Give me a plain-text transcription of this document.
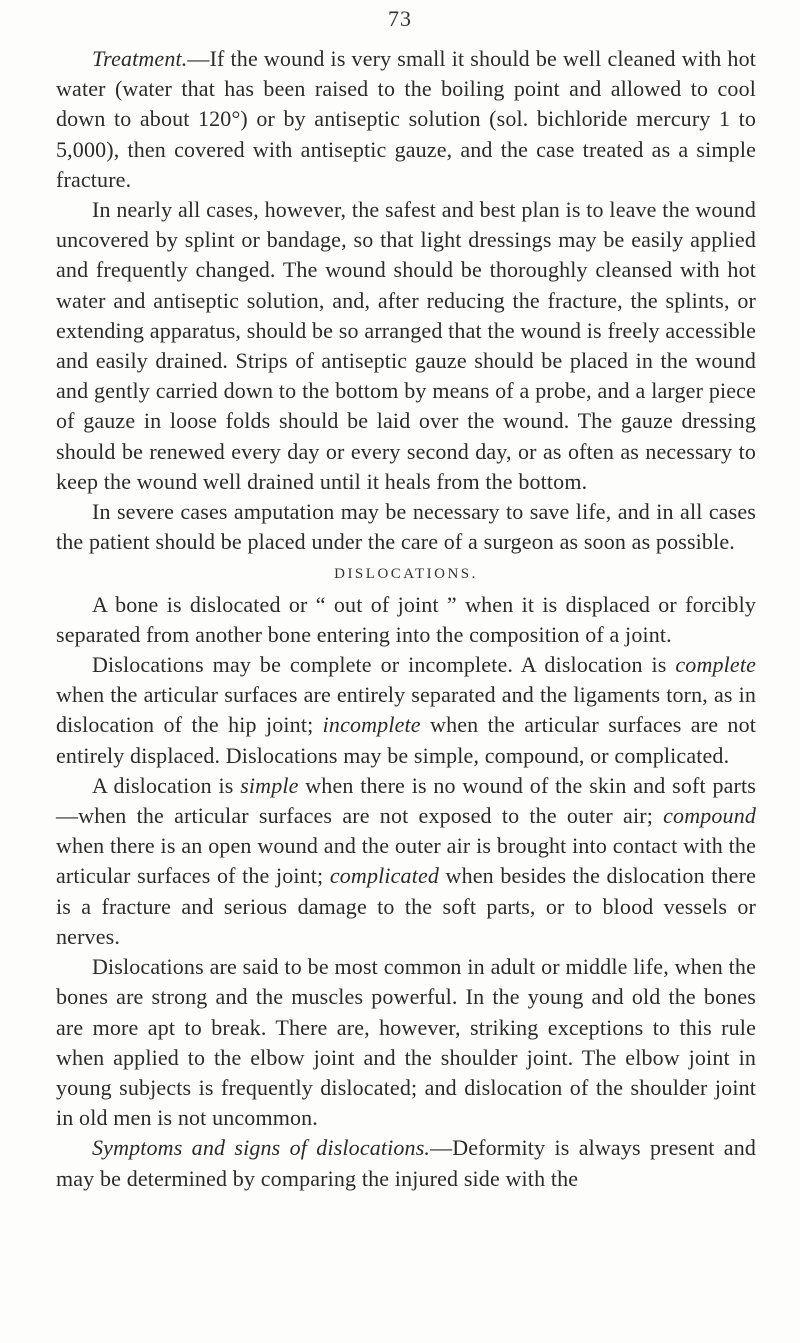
73

Treatment.—If the wound is very small it should be well cleaned with hot water (water that has been raised to the boiling point and allowed to cool down to about 120°) or by antiseptic solution (sol. bichloride mercury 1 to 5,000), then covered with antiseptic gauze, and the case treated as a simple fracture.

In nearly all cases, however, the safest and best plan is to leave the wound uncovered by splint or bandage, so that light dressings may be easily applied and frequently changed. The wound should be thoroughly cleansed with hot water and antiseptic solution, and, after reducing the fracture, the splints, or extending apparatus, should be so arranged that the wound is freely accessible and easily drained. Strips of antiseptic gauze should be placed in the wound and gently carried down to the bottom by means of a probe, and a larger piece of gauze in loose folds should be laid over the wound. The gauze dressing should be renewed every day or every second day, or as often as necessary to keep the wound well drained until it heals from the bottom.

In severe cases amputation may be necessary to save life, and in all cases the patient should be placed under the care of a surgeon as soon as possible.

DISLOCATIONS.

A bone is dislocated or “ out of joint ” when it is displaced or forcibly separated from another bone entering into the composition of a joint.

Dislocations may be complete or incomplete. A dislocation is complete when the articular surfaces are entirely separated and the ligaments torn, as in dislocation of the hip joint; incomplete when the articular surfaces are not entirely displaced. Dislocations may be simple, compound, or complicated.

A dislocation is simple when there is no wound of the skin and soft parts—when the articular surfaces are not exposed to the outer air; compound when there is an open wound and the outer air is brought into contact with the articular surfaces of the joint; complicated when besides the dislocation there is a fracture and serious damage to the soft parts, or to blood vessels or nerves.

Dislocations are said to be most common in adult or middle life, when the bones are strong and the muscles powerful. In the young and old the bones are more apt to break. There are, however, striking exceptions to this rule when applied to the elbow joint and the shoulder joint. The elbow joint in young subjects is frequently dislocated; and dislocation of the shoulder joint in old men is not uncommon.

Symptoms and signs of dislocations.—Deformity is always present and may be determined by comparing the injured side with the
